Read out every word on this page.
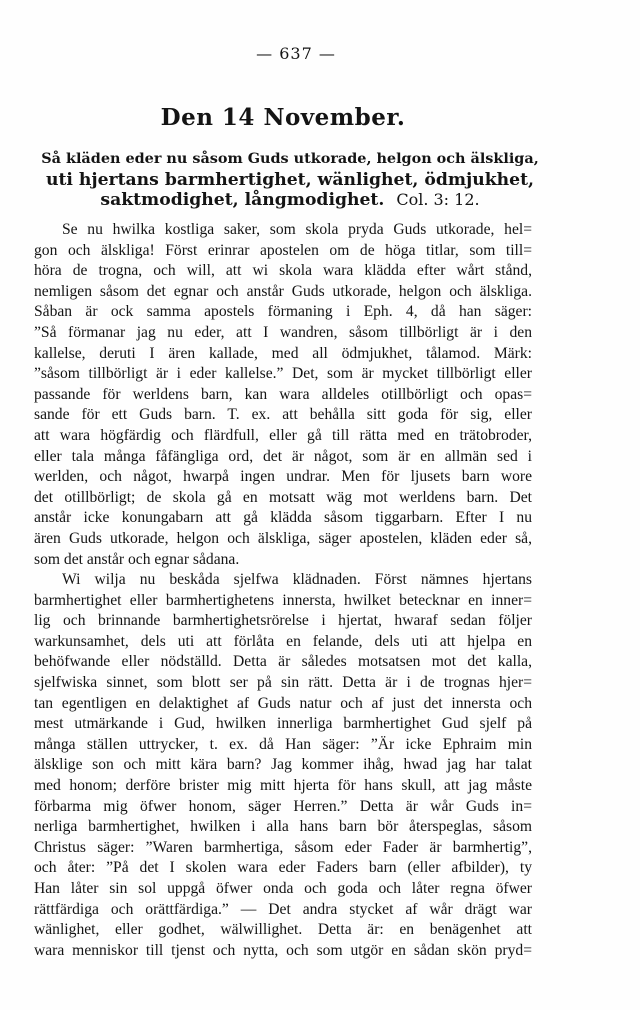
— 637 —
Den 14 November.
Så kläden eder nu såsom Guds utkorade, helgon och älskliga,
uti hjertans barmhertighet, wänlighet, ödmjukhet,
saktmodighet, långmodighet. Col. 3: 12.
Se nu hwilka kostliga saker, som skola pryda Guds utkorade, hel=
gon och älskliga! Först erinrar apostelen om de höga titlar, som till=
höra de trogna, och will, att wi skola wara klädda efter wårt stånd,
nemligen såsom det egnar och anstår Guds utkorade, helgon och älskliga.
Såban är ock samma apostels förmaning i Eph. 4, då han säger:
”Så förmanar jag nu eder, att I wandren, såsom tillbörligt är i den
kallelse, deruti I ären kallade, med all ödmjukhet, tålamod. Märk:
”såsom tillbörligt är i eder kallelse.” Det, som är mycket tillbörligt eller
passande för werldens barn, kan wara alldeles otillbörligt och opas=
sande för ett Guds barn. T. ex. att behålla sitt goda för sig, eller
att wara högfärdig och flärdfull, eller gå till rätta med en trätobroder,
eller tala många fåfängliga ord, det är något, som är en allmän sed i
werlden, och något, hwarpå ingen undrar. Men för ljusets barn wore
det otillbörligt; de skola gå en motsatt wäg mot werldens barn. Det
anstår icke konungabarn att gå klädda såsom tiggarbarn. Efter I nu
ären Guds utkorade, helgon och älskliga, säger apostelen, kläden eder så,
som det anstår och egnar sådana.
Wi wilja nu beskåda sjelfwa klädnaden. Först nämnes hjertans
barmhertighet eller barmhertighetens innersta, hwilket betecknar en inner=
lig och brinnande barmhertighetsrörelse i hjertat, hwaraf sedan följer
warkunsamhet, dels uti att förlåta en felande, dels uti att hjelpa en
behöfwande eller nödställd. Detta är således motsatsen mot det kalla,
sjelfwiska sinnet, som blott ser på sin rätt. Detta är i de trognas hjer=
tan egentligen en delaktighet af Guds natur och af just det innersta och
mest utmärkande i Gud, hwilken innerliga barmhertighet Gud sjelf på
många ställen uttrycker, t. ex. då Han säger: ”Är icke Ephraim min
älsklige son och mitt kära barn? Jag kommer ihåg, hwad jag har talat
med honom; derföre brister mig mitt hjerta för hans skull, att jag måste
förbarma mig öfwer honom, säger Herren.” Detta är wår Guds in=
nerliga barmhertighet, hwilken i alla hans barn bör återspeglas, såsom
Christus säger: ”Waren barmhertiga, såsom eder Fader är barmhertig”,
och åter: ”På det I skolen wara eder Faders barn (eller afbilder), ty
Han låter sin sol uppgå öfwer onda och goda och låter regna öfwer
rättfärdiga och orättfärdiga.” — Det andra stycket af wår drägt war
wänlighet, eller godhet, wälwillighet. Detta är: en benägenhet att
wara menniskor till tjenst och nytta, och som utgör en sådan skön pryd=
